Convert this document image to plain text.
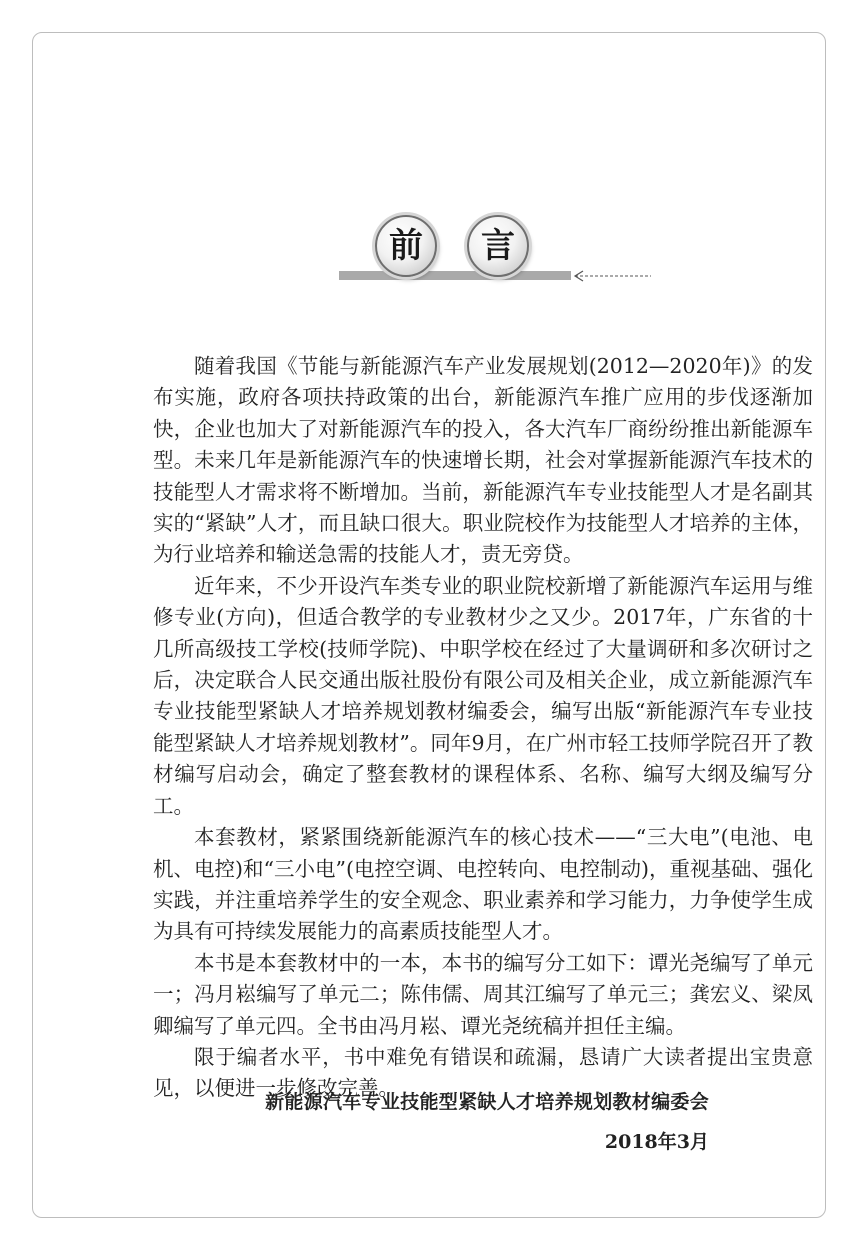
前 言

随着我国《节能与新能源汽车产业发展规划(2012—2020年)》的发布实施，政府各项扶持政策的出台，新能源汽车推广应用的步伐逐渐加快，企业也加大了对新能源汽车的投入，各大汽车厂商纷纷推出新能源车型。未来几年是新能源汽车的快速增长期，社会对掌握新能源汽车技术的技能型人才需求将不断增加。当前，新能源汽车专业技能型人才是名副其实的“紧缺”人才，而且缺口很大。职业院校作为技能型人才培养的主体，为行业培养和输送急需的技能人才，责无旁贷。

近年来，不少开设汽车类专业的职业院校新增了新能源汽车运用与维修专业(方向)，但适合教学的专业教材少之又少。2017年，广东省的十几所高级技工学校(技师学院)、中职学校在经过了大量调研和多次研讨之后，决定联合人民交通出版社股份有限公司及相关企业，成立新能源汽车专业技能型紧缺人才培养规划教材编委会，编写出版“新能源汽车专业技能型紧缺人才培养规划教材”。同年9月，在广州市轻工技师学院召开了教材编写启动会，确定了整套教材的课程体系、名称、编写大纲及编写分工。

本套教材，紧紧围绕新能源汽车的核心技术——“三大电”(电池、电机、电控)和“三小电”(电控空调、电控转向、电控制动)，重视基础、强化实践，并注重培养学生的安全观念、职业素养和学习能力，力争使学生成为具有可持续发展能力的高素质技能型人才。

本书是本套教材中的一本，本书的编写分工如下：谭光尧编写了单元一；冯月崧编写了单元二；陈伟儒、周其江编写了单元三；龚宏义、梁凤卿编写了单元四。全书由冯月崧、谭光尧统稿并担任主编。

限于编者水平，书中难免有错误和疏漏，恳请广大读者提出宝贵意见，以便进一步修改完善。

新能源汽车专业技能型紧缺人才培养规划教材编委会
2018年3月
